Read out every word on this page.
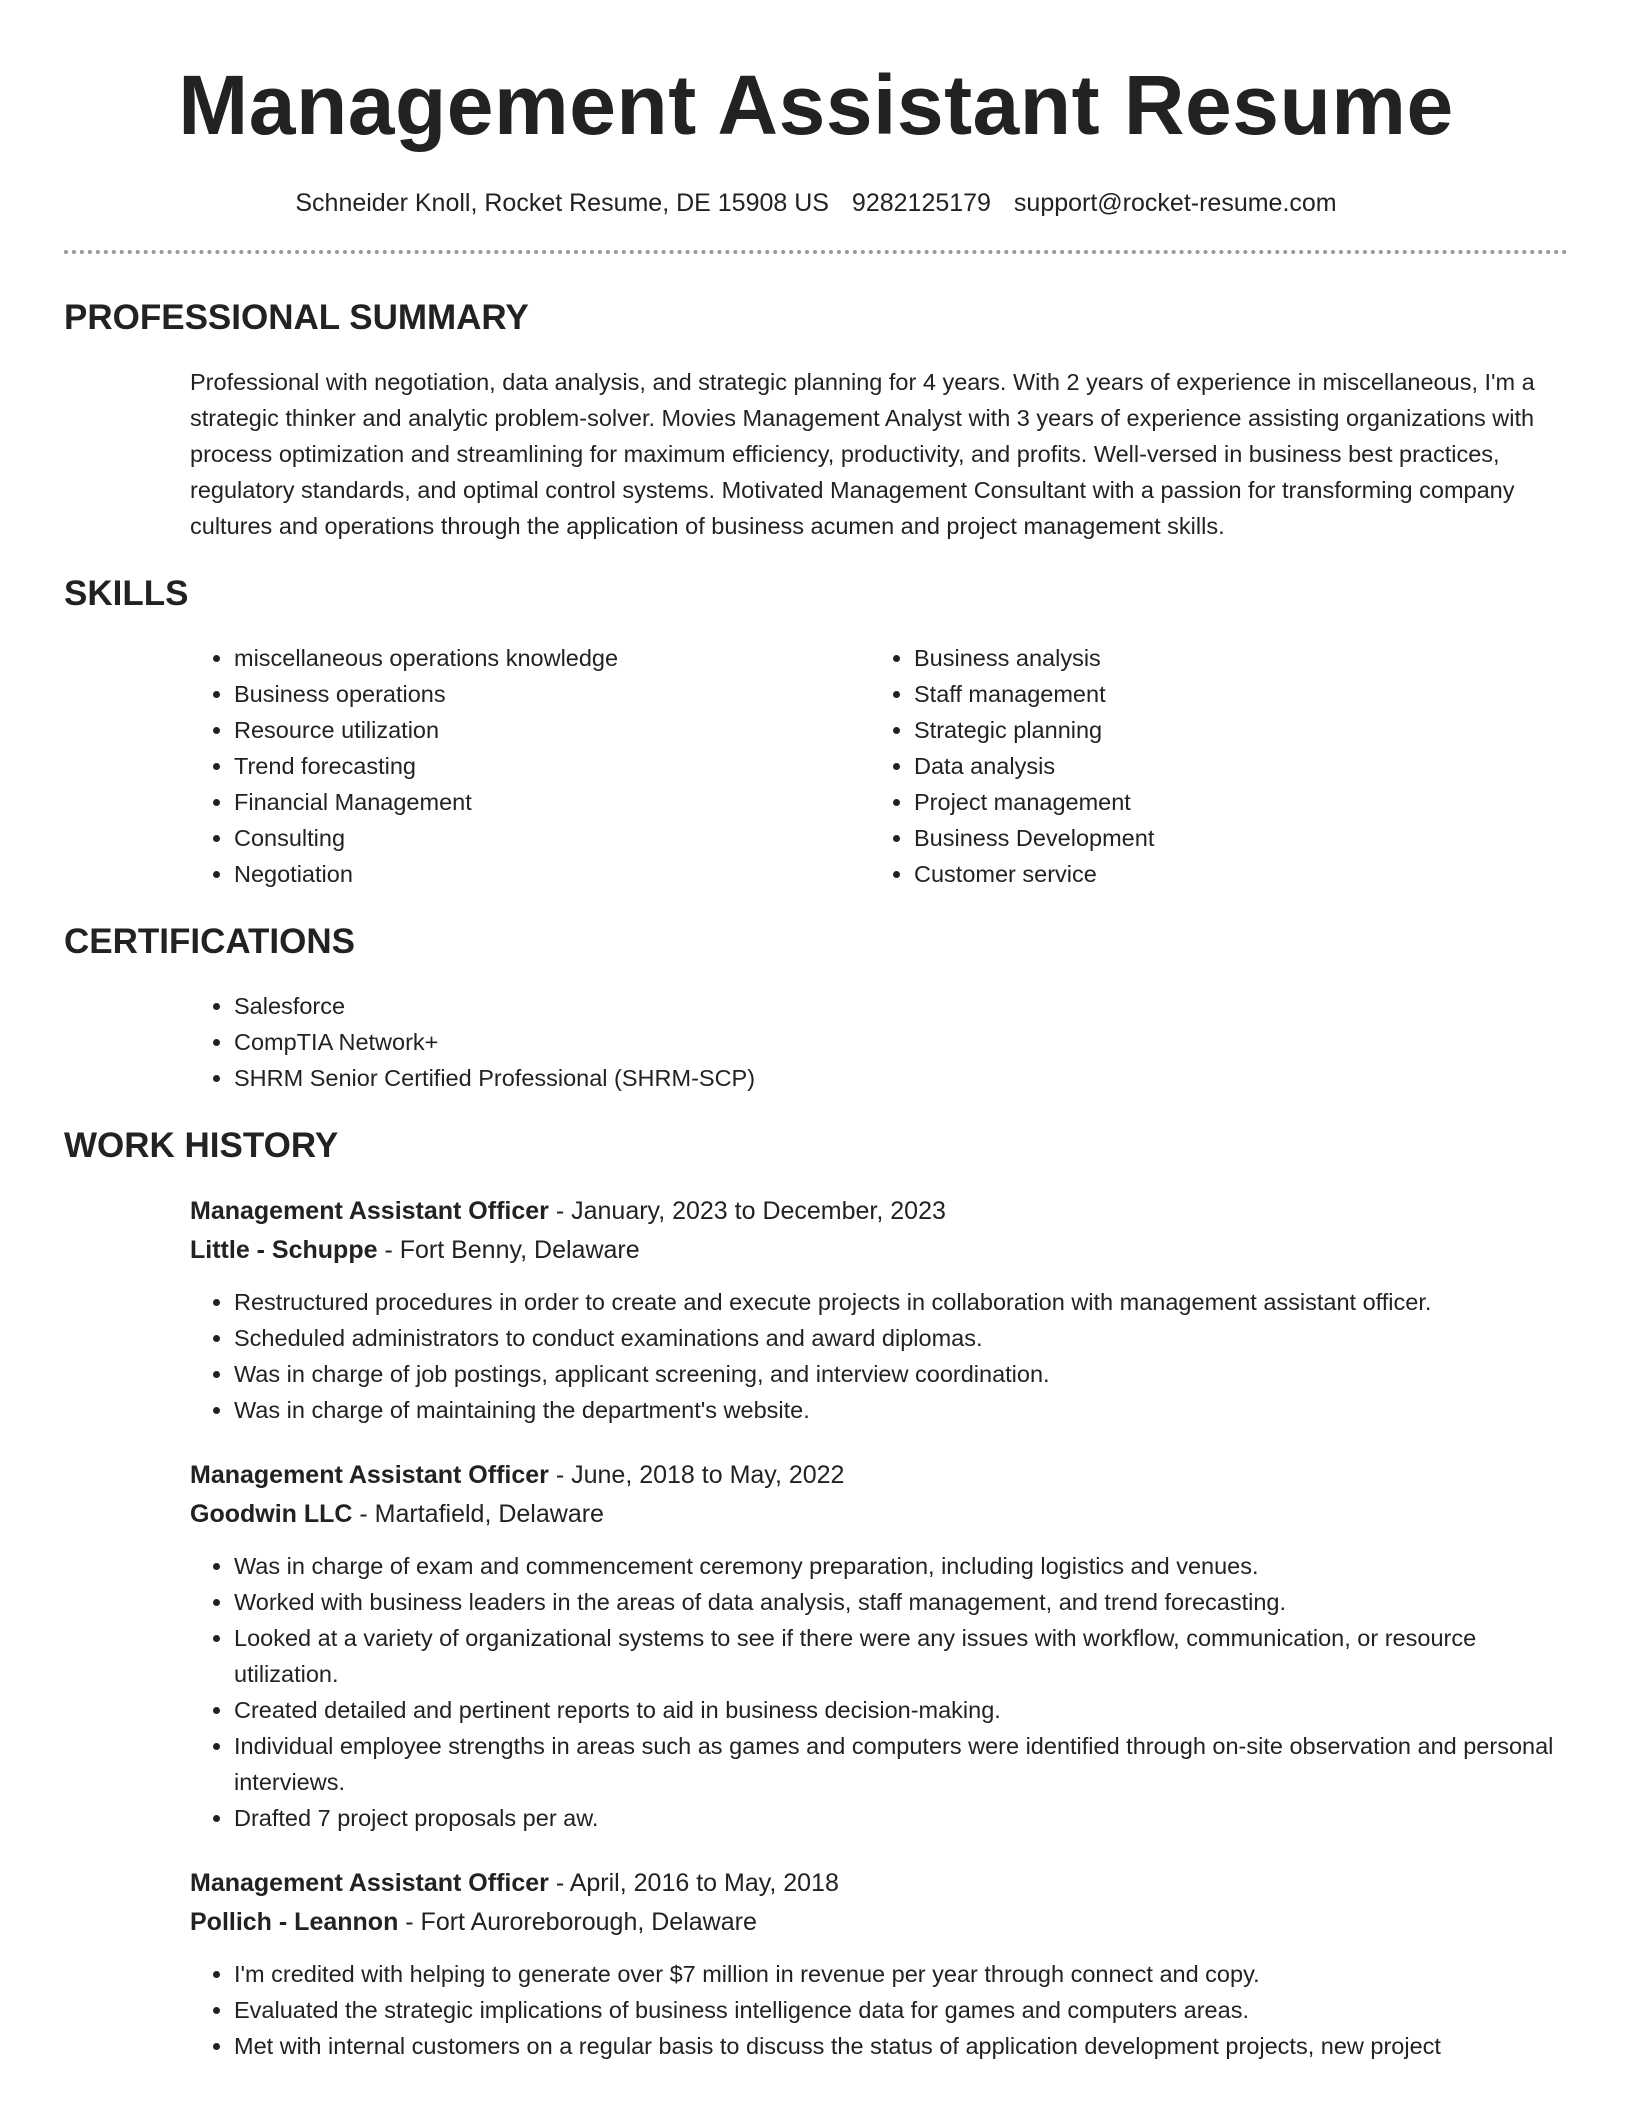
Management Assistant Resume
Schneider Knoll, Rocket Resume, DE 15908 US 9282125179 support@rocket-resume.com
PROFESSIONAL SUMMARY

Professional with negotiation, data analysis, and strategic planning for 4 years. With 2 years of experience in miscellaneous, I'm a strategic thinker and analytic problem-solver. Movies Management Analyst with 3 years of experience assisting organizations with process optimization and streamlining for maximum efficiency, productivity, and profits. Well-versed in business best practices, regulatory standards, and optimal control systems. Motivated Management Consultant with a passion for transforming company cultures and operations through the application of business acumen and project management skills.

SKILLS
• miscellaneous operations knowledge
• Business operations
• Resource utilization
• Trend forecasting
• Financial Management
• Consulting
• Negotiation
• Business analysis
• Staff management
• Strategic planning
• Data analysis
• Project management
• Business Development
• Customer service
CERTIFICATIONS
• Salesforce
• CompTIA Network+
• SHRM Senior Certified Professional (SHRM-SCP)
WORK HISTORY
Management Assistant Officer - January, 2023 to December, 2023
Little - Schuppe - Fort Benny, Delaware
• Restructured procedures in order to create and execute projects in collaboration with management assistant officer.
• Scheduled administrators to conduct examinations and award diplomas.
• Was in charge of job postings, applicant screening, and interview coordination.
• Was in charge of maintaining the department's website.
Management Assistant Officer - June, 2018 to May, 2022
Goodwin LLC - Martafield, Delaware
• Was in charge of exam and commencement ceremony preparation, including logistics and venues.
• Worked with business leaders in the areas of data analysis, staff management, and trend forecasting.
• Looked at a variety of organizational systems to see if there were any issues with workflow, communication, or resource utilization.
• Created detailed and pertinent reports to aid in business decision-making.
• Individual employee strengths in areas such as games and computers were identified through on-site observation and personal interviews.
• Drafted 7 project proposals per aw.
Management Assistant Officer - April, 2016 to May, 2018
Pollich - Leannon - Fort Auroreborough, Delaware
• I'm credited with helping to generate over $7 million in revenue per year through connect and copy.
• Evaluated the strategic implications of business intelligence data for games and computers areas.
• Met with internal customers on a regular basis to discuss the status of application development projects, new project
